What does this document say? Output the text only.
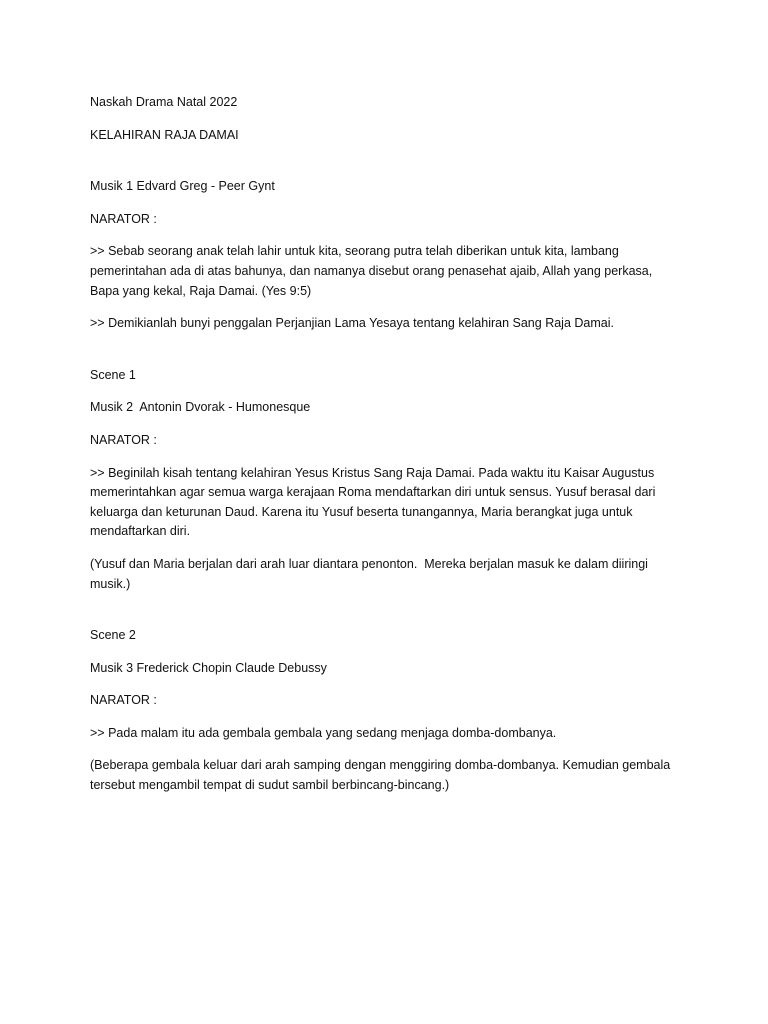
Naskah Drama Natal 2022

KELAHIRAN RAJA DAMAI

Musik 1 Edvard Greg - Peer Gynt

NARATOR :

>> Sebab seorang anak telah lahir untuk kita, seorang putra telah diberikan untuk kita, lambang

pemerintahan ada di atas bahunya, dan namanya disebut orang penasehat ajaib, Allah yang perkasa,

Bapa yang kekal, Raja Damai. (Yes 9:5)

>> Demikianlah bunyi penggalan Perjanjian Lama Yesaya tentang kelahiran Sang Raja Damai.

Scene 1

Musik 2  Antonin Dvorak - Humonesque

NARATOR :

>> Beginilah kisah tentang kelahiran Yesus Kristus Sang Raja Damai. Pada waktu itu Kaisar Augustus

memerintahkan agar semua warga kerajaan Roma mendaftarkan diri untuk sensus. Yusuf berasal dari

keluarga dan keturunan Daud. Karena itu Yusuf beserta tunangannya, Maria berangkat juga untuk

mendaftarkan diri.

(Yusuf dan Maria berjalan dari arah luar diantara penonton.  Mereka berjalan masuk ke dalam diiringi

musik.)

Scene 2

Musik 3 Frederick Chopin Claude Debussy

NARATOR :

>> Pada malam itu ada gembala gembala yang sedang menjaga domba-dombanya.

(Beberapa gembala keluar dari arah samping dengan menggiring domba-dombanya. Kemudian gembala

tersebut mengambil tempat di sudut sambil berbincang-bincang.)
